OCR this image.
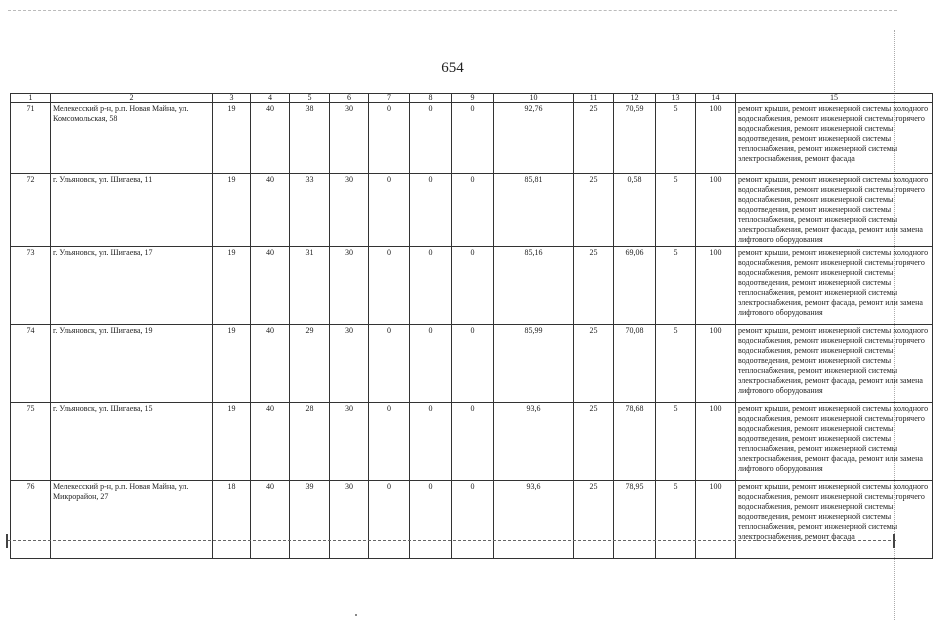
654
1	2	3	4	5	6	7	8	9	10	11	12	13	14	15
71	Мелекесский р-н, р.п. Новая Майна, ул. Комсомольская, 58	19	40	38	30	0	0	0	92,76	25	70,59	5	100	ремонт крыши, ремонт инженерной системы холодного водоснабжения, ремонт инженерной системы горячего водоснабжения, ремонт инженерной системы водоотведения, ремонт инженерной системы теплоснабжения, ремонт инженерной системы электроснабжения, ремонт фасада
72	г. Ульяновск, ул. Шигаева, 11	19	40	33	30	0	0	0	85,81	25	0,58	5	100	ремонт крыши, ремонт инженерной системы холодного водоснабжения, ремонт инженерной системы горячего водоснабжения, ремонт инженерной системы водоотведения, ремонт инженерной системы теплоснабжения, ремонт инженерной системы электроснабжения, ремонт фасада, ремонт или замена лифтового оборудования
73	г. Ульяновск, ул. Шигаева, 17	19	40	31	30	0	0	0	85,16	25	69,06	5	100	ремонт крыши, ремонт инженерной системы холодного водоснабжения, ремонт инженерной системы горячего водоснабжения, ремонт инженерной системы водоотведения, ремонт инженерной системы теплоснабжения, ремонт инженерной системы электроснабжения, ремонт фасада, ремонт или замена лифтового оборудования
74	г. Ульяновск, ул. Шигаева, 19	19	40	29	30	0	0	0	85,99	25	70,08	5	100	ремонт крыши, ремонт инженерной системы холодного водоснабжения, ремонт инженерной системы горячего водоснабжения, ремонт инженерной системы водоотведения, ремонт инженерной системы теплоснабжения, ремонт инженерной системы электроснабжения, ремонт фасада, ремонт или замена лифтового оборудования
75	г. Ульяновск, ул. Шигаева, 15	19	40	28	30	0	0	0	93,6	25	78,68	5	100	ремонт крыши, ремонт инженерной системы холодного водоснабжения, ремонт инженерной системы горячего водоснабжения, ремонт инженерной системы водоотведения, ремонт инженерной системы теплоснабжения, ремонт инженерной системы электроснабжения, ремонт фасада, ремонт или замена лифтового оборудования
76	Мелекесский р-н, р.п. Новая Майна, ул. Микрорайон, 27	18	40	39	30	0	0	0	93,6	25	78,95	5	100	ремонт крыши, ремонт инженерной системы холодного водоснабжения, ремонт инженерной системы горячего водоснабжения, ремонт инженерной системы водоотведения, ремонт инженерной системы теплоснабжения, ремонт инженерной системы электроснабжения, ремонт фасада
